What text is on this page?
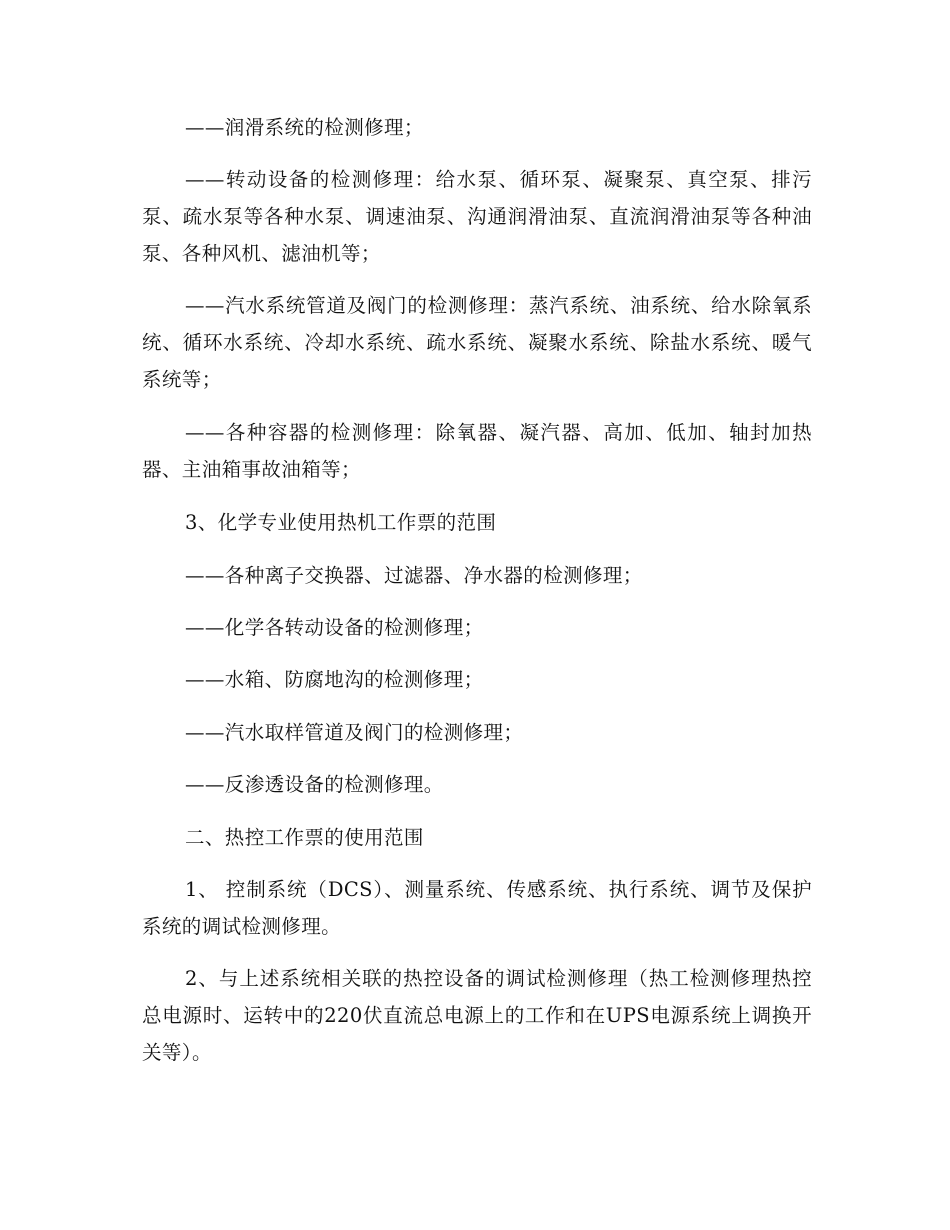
——润滑系统的检测修理；

——转动设备的检测修理：给水泵、循环泵、凝聚泵、真空泵、排污泵、疏水泵等各种水泵、调速油泵、沟通润滑油泵、直流润滑油泵等各种油泵、各种风机、滤油机等；

——汽水系统管道及阀门的检测修理：蒸汽系统、油系统、给水除氧系统、循环水系统、冷却水系统、疏水系统、凝聚水系统、除盐水系统、暖气系统等；

——各种容器的检测修理：除氧器、凝汽器、高加、低加、轴封加热器、主油箱事故油箱等；

3、化学专业使用热机工作票的范围

——各种离子交换器、过滤器、净水器的检测修理；

——化学各转动设备的检测修理；

——水箱、防腐地沟的检测修理；

——汽水取样管道及阀门的检测修理；

——反渗透设备的检测修理。

二、热控工作票的使用范围

1、 控制系统（DCS）、测量系统、传感系统、执行系统、调节及保护系统的调试检测修理。

2、与上述系统相关联的热控设备的调试检测修理（热工检测修理热控总电源时、运转中的220伏直流总电源上的工作和在UPS电源系统上调换开关等）。
